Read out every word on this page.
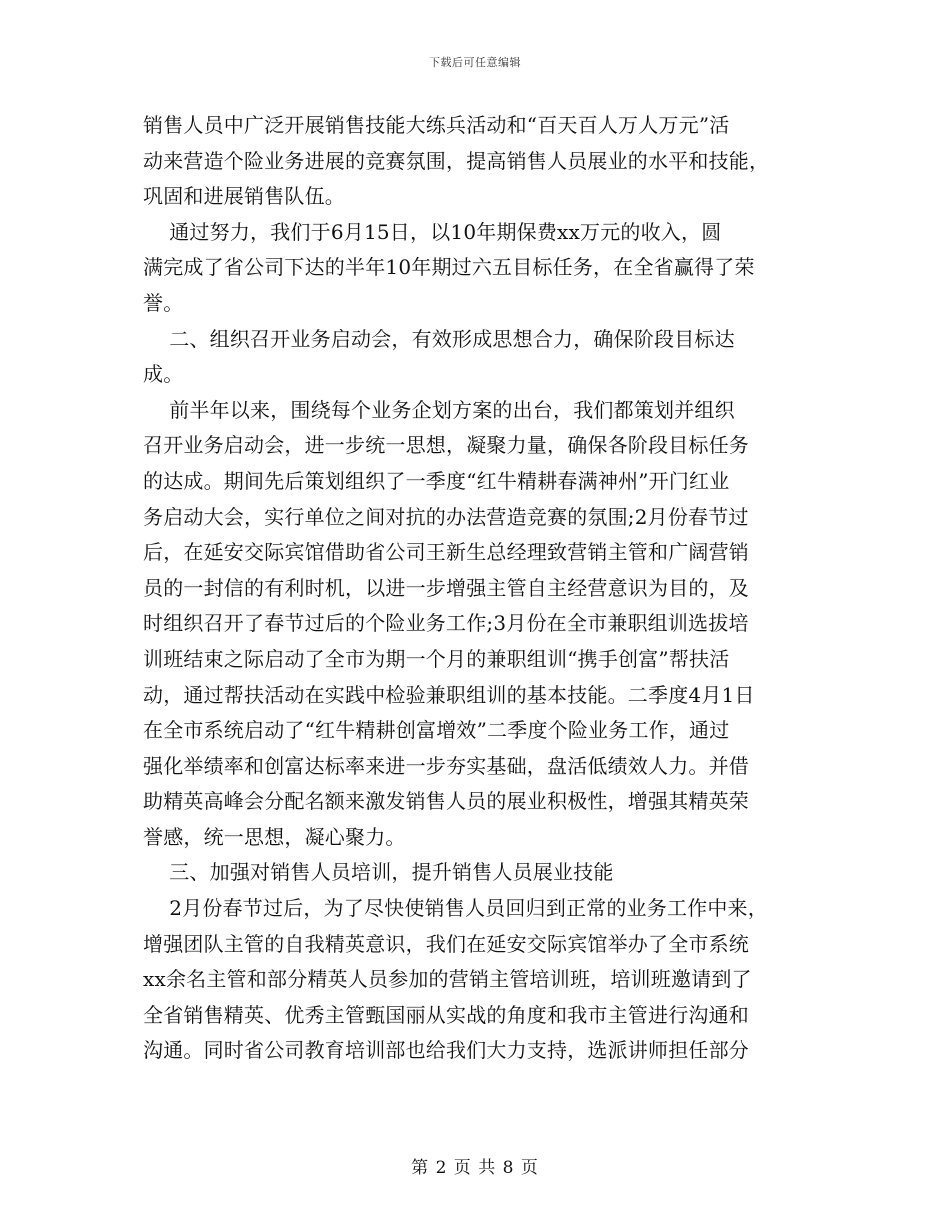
下载后可任意编辑
销售人员中广泛开展销售技能大练兵活动和“百天百人万人万元”活
动来营造个险业务进展的竞赛氛围，提高销售人员展业的水平和技能，
巩固和进展销售队伍。
通过努力，我们于6月15日，以10年期保费xx万元的收入，圆
满完成了省公司下达的半年10年期过六五目标任务，在全省赢得了荣
誉。
二、组织召开业务启动会，有效形成思想合力，确保阶段目标达
成。
前半年以来，围绕每个业务企划方案的出台，我们都策划并组织
召开业务启动会，进一步统一思想，凝聚力量，确保各阶段目标任务
的达成。期间先后策划组织了一季度“红牛精耕春满神州”开门红业
务启动大会，实行单位之间对抗的办法营造竞赛的氛围;2月份春节过
后，在延安交际宾馆借助省公司王新生总经理致营销主管和广阔营销
员的一封信的有利时机，以进一步增强主管自主经营意识为目的，及
时组织召开了春节过后的个险业务工作;3月份在全市兼职组训选拔培
训班结束之际启动了全市为期一个月的兼职组训“携手创富”帮扶活
动，通过帮扶活动在实践中检验兼职组训的基本技能。二季度4月1日
在全市系统启动了“红牛精耕创富增效”二季度个险业务工作，通过
强化举绩率和创富达标率来进一步夯实基础，盘活低绩效人力。并借
助精英高峰会分配名额来激发销售人员的展业积极性，增强其精英荣
誉感，统一思想，凝心聚力。
三、加强对销售人员培训，提升销售人员展业技能
2月份春节过后，为了尽快使销售人员回归到正常的业务工作中来，
增强团队主管的自我精英意识，我们在延安交际宾馆举办了全市系统
xx余名主管和部分精英人员参加的营销主管培训班，培训班邀请到了
全省销售精英、优秀主管甄国丽从实战的角度和我市主管进行沟通和
沟通。同时省公司教育培训部也给我们大力支持，选派讲师担任部分
第 2 页 共 8 页
